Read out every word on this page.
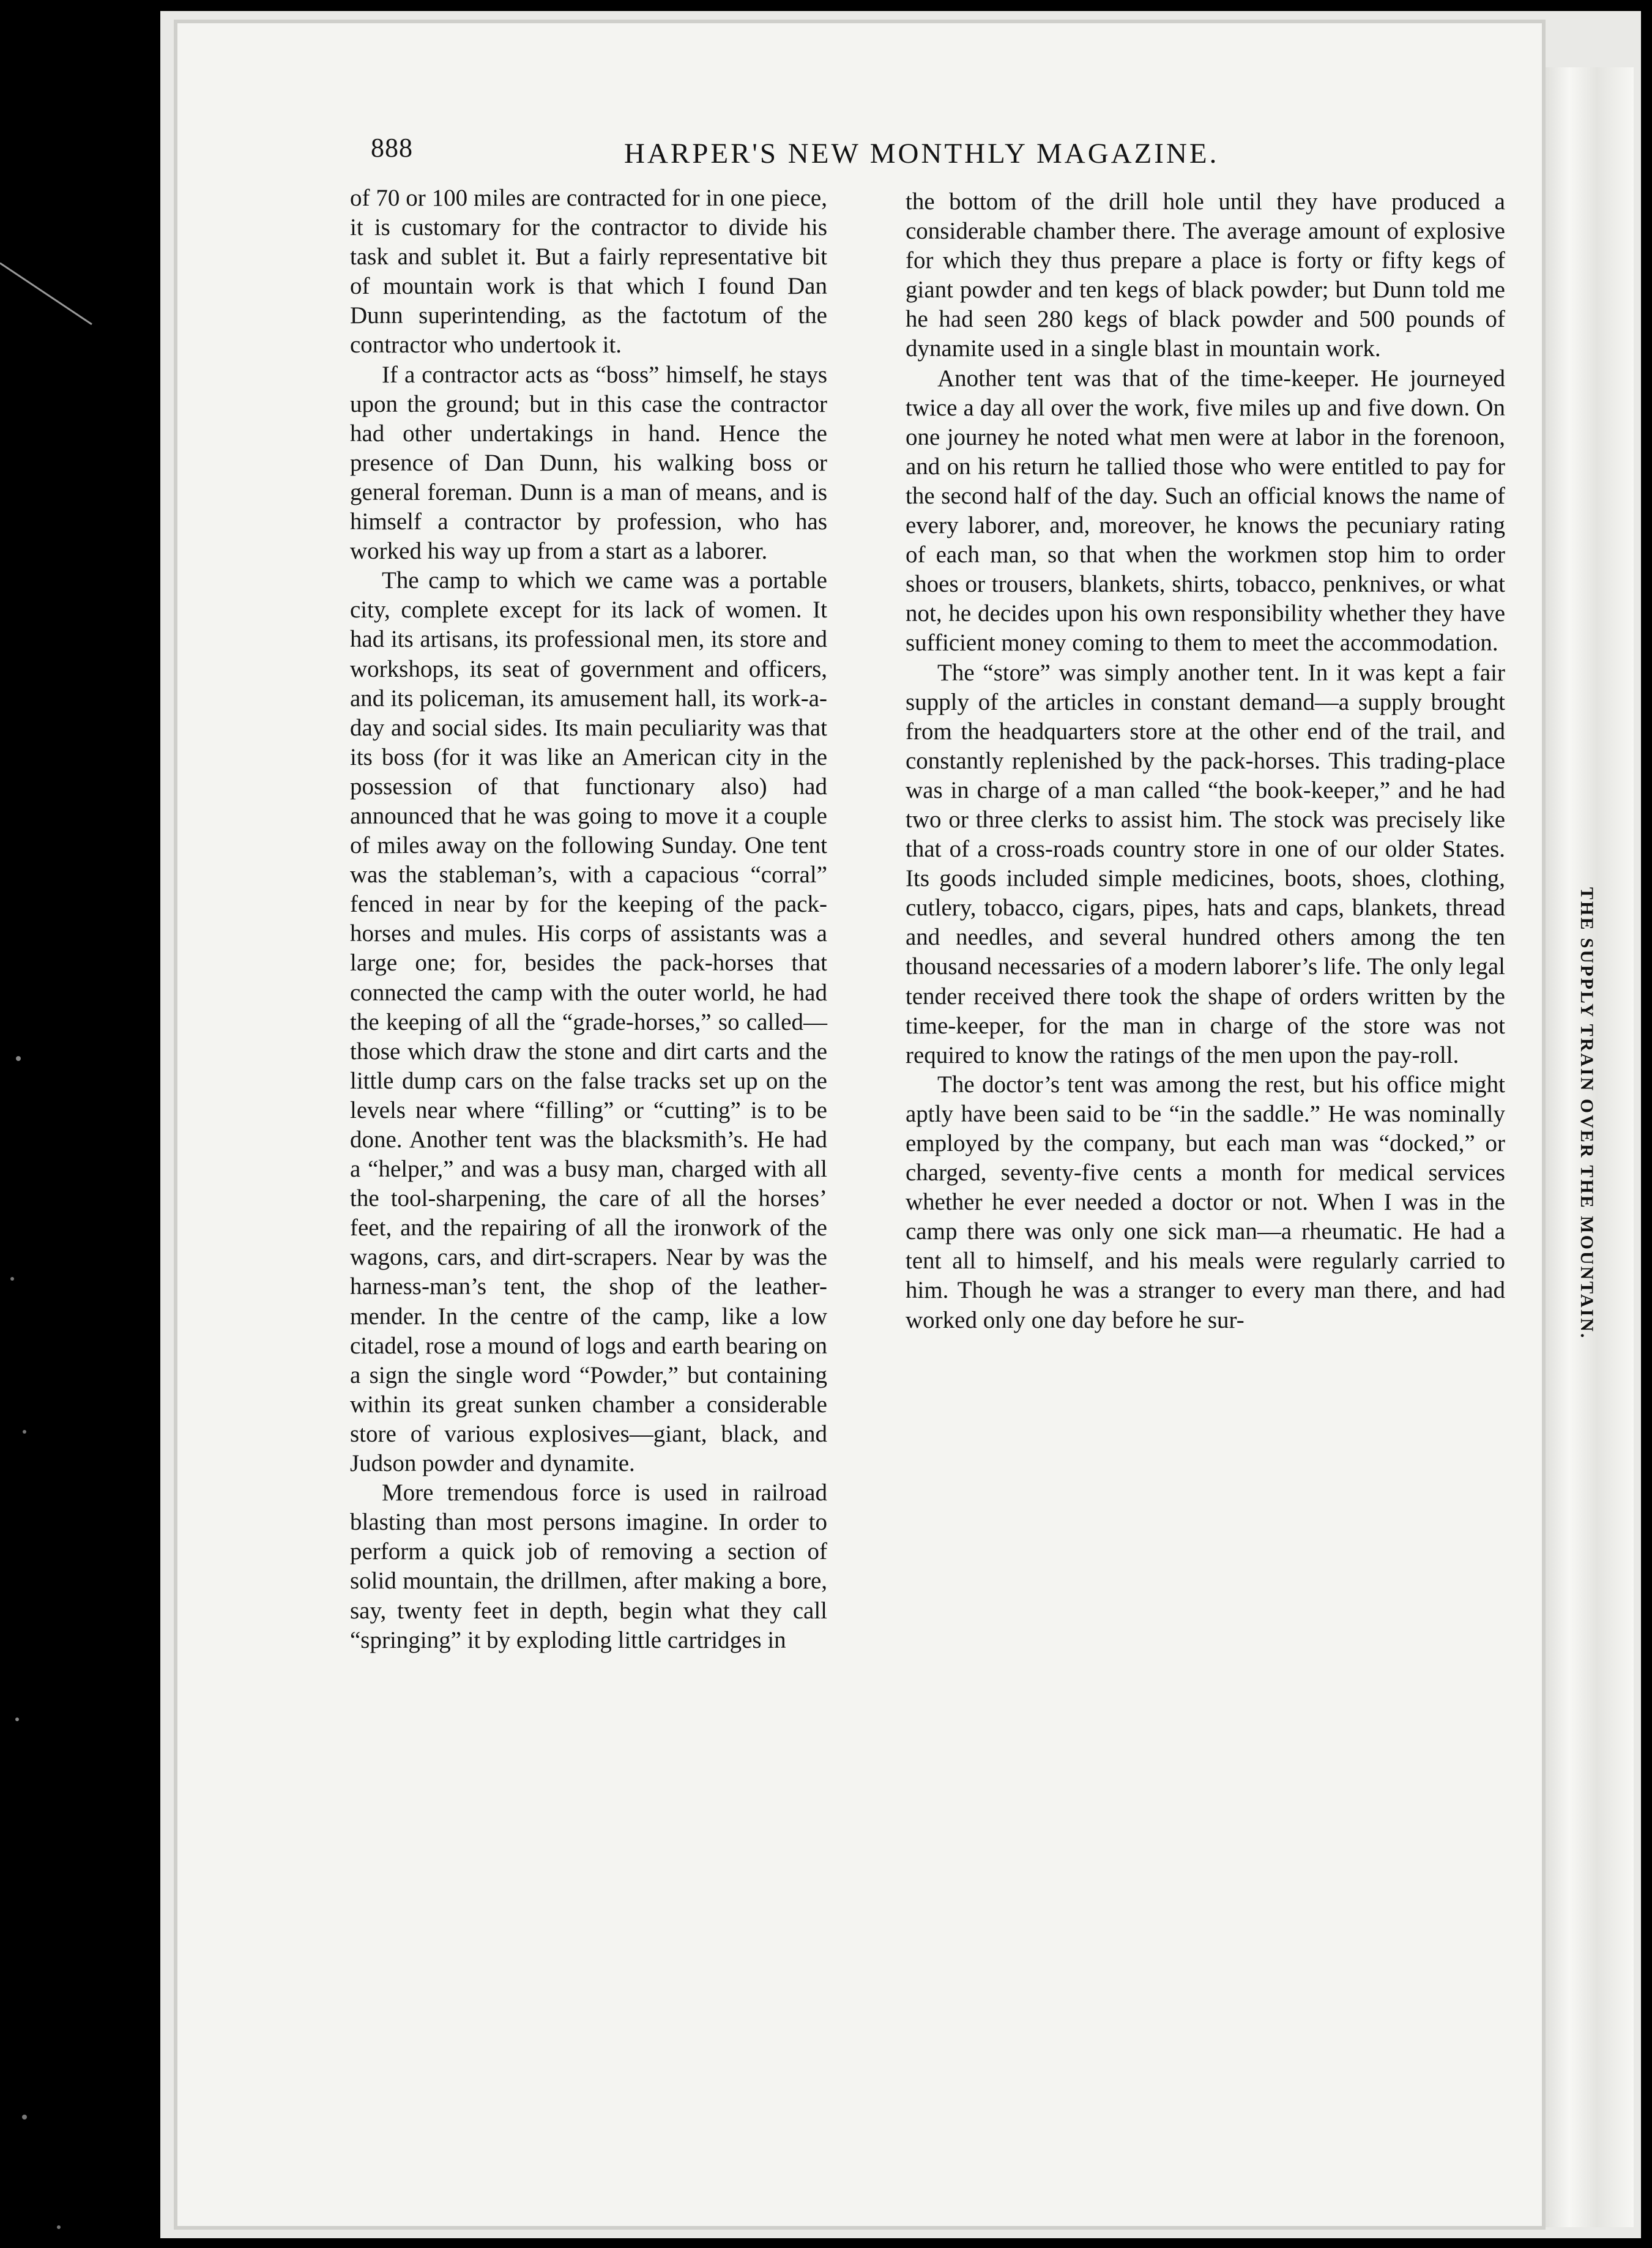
888	HARPER'S NEW MONTHLY MAGAZINE.

of 70 or 100 miles are contracted for in one piece, it is customary for the contractor to divide his task and sublet it. But a fairly representative bit of mountain work is that which I found Dan Dunn superintending, as the factotum of the contractor who undertook it.

If a contractor acts as “boss” himself, he stays upon the ground; but in this case the contractor had other undertakings in hand. Hence the presence of Dan Dunn, his walking boss or general foreman. Dunn is a man of means, and is himself a contractor by profession, who has worked his way up from a start as a laborer.

The camp to which we came was a portable city, complete except for its lack of women. It had its artisans, its professional men, its store and workshops, its seat of government and officers, and its policeman, its amusement hall, its work-a-day and social sides. Its main peculiarity was that its boss (for it was like an American city in the possession of that functionary also) had announced that he was going to move it a couple of miles away on the following Sunday. One tent was the stableman’s, with a capacious “corral” fenced in near by for the keeping of the pack-horses and mules. His corps of assistants was a large one; for, besides the pack-horses that connected the camp with the outer world, he had the keeping of all the “grade-horses,” so called—those which draw the stone and dirt carts and the little dump cars on the false tracks set up on the levels near where “filling” or “cutting” is to be done. Another tent was the blacksmith’s. He had a “helper,” and was a busy man, charged with all the tool-sharpening, the care of all the horses’ feet, and the repairing of all the ironwork of the wagons, cars, and dirt-scrapers. Near by was the harness-man’s tent, the shop of the leather-mender. In the centre of the camp, like a low citadel, rose a mound of logs and earth bearing on a sign the single word “Powder,” but containing within its great sunken chamber a considerable store of various explosives—giant, black, and Judson powder and dynamite.

More tremendous force is used in railroad blasting than most persons imagine. In order to perform a quick job of removing a section of solid mountain, the drillmen, after making a bore, say, twenty feet in depth, begin what they call “springing” it by exploding little cartridges in

the bottom of the drill hole until they have produced a considerable chamber there. The average amount of explosive for which they thus prepare a place is forty or fifty kegs of giant powder and ten kegs of black powder; but Dunn told me he had seen 280 kegs of black powder and 500 pounds of dynamite used in a single blast in mountain work.

Another tent was that of the time-keeper. He journeyed twice a day all over the work, five miles up and five down. On one journey he noted what men were at labor in the forenoon, and on his return he tallied those who were entitled to pay for the second half of the day. Such an official knows the name of every laborer, and, moreover, he knows the pecuniary rating of each man, so that when the workmen stop him to order shoes or trousers, blankets, shirts, tobacco, penknives, or what not, he decides upon his own responsibility whether they have sufficient money coming to them to meet the accommodation.

The “store” was simply another tent. In it was kept a fair supply of the articles in constant demand—a supply brought from the headquarters store at the other end of the trail, and constantly replenished by the pack-horses. This trading-place was in charge of a man called “the book-keeper,” and he had two or three clerks to assist him. The stock was precisely like that of a cross-roads country store in one of our older States. Its goods included simple medicines, boots, shoes, clothing, cutlery, tobacco, cigars, pipes, hats and caps, blankets, thread and needles, and several hundred others among the ten thousand necessaries of a modern laborer’s life. The only legal tender received there took the shape of orders written by the time-keeper, for the man in charge of the store was not required to know the ratings of the men upon the pay-roll.

The doctor’s tent was among the rest, but his office might aptly have been said to be “in the saddle.” He was nominally employed by the company, but each man was “docked,” or charged, seventy-five cents a month for medical services whether he ever needed a doctor or not. When I was in the camp there was only one sick man—a rheumatic. He had a tent all to himself, and his meals were regularly carried to him. Though he was a stranger to every man there, and had worked only one day before he sur-	THE SUPPLY TRAIN OVER THE MOUNTAIN.
